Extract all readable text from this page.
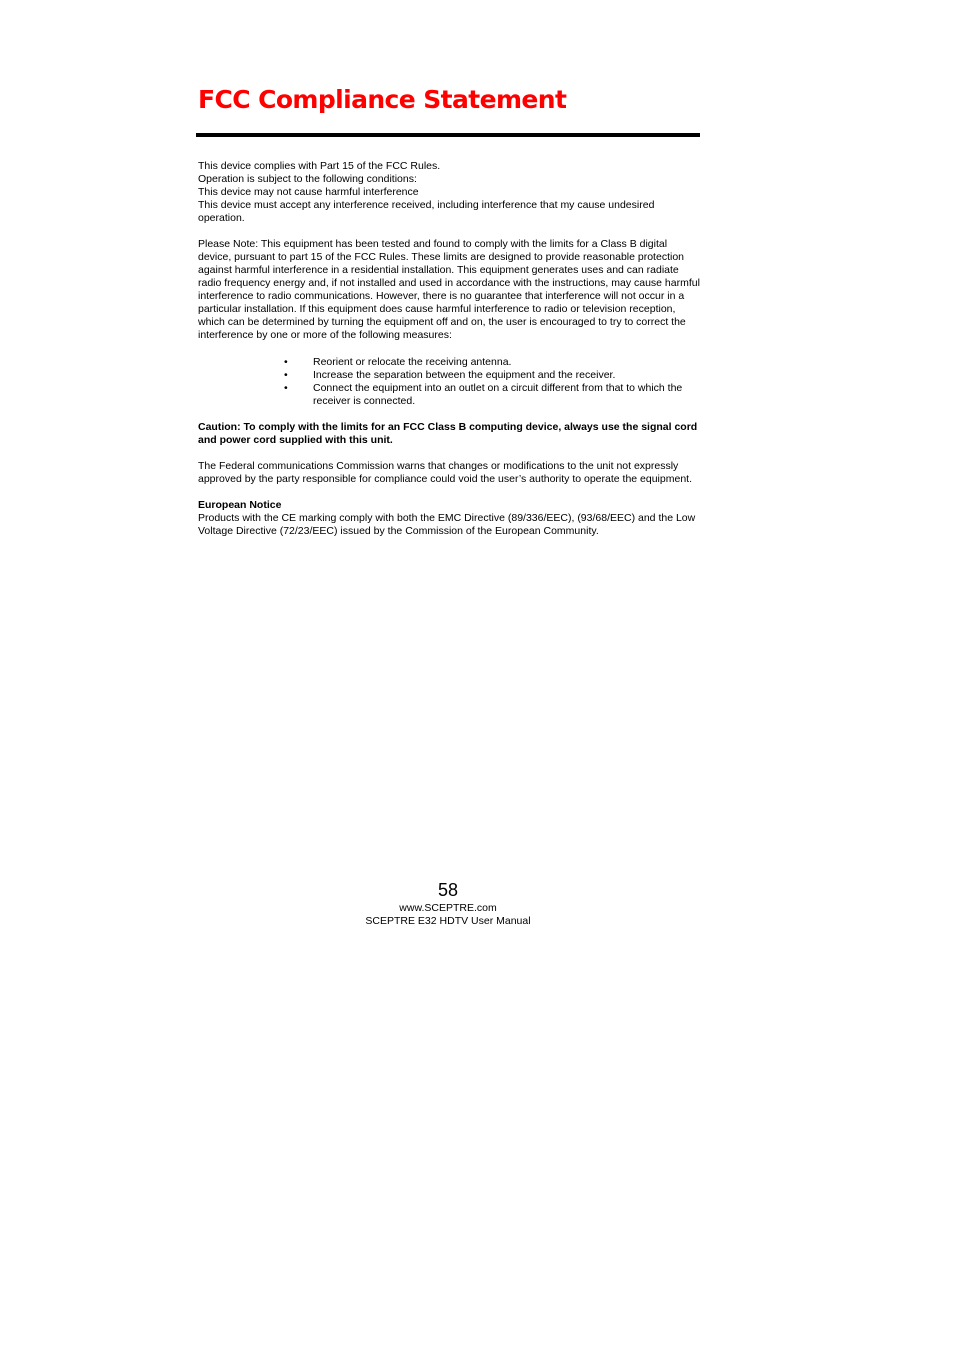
FCC Compliance Statement

This device complies with Part 15 of the FCC Rules.
Operation is subject to the following conditions:
This device may not cause harmful interference
This device must accept any interference received, including interference that my cause undesired operation.

Please Note: This equipment has been tested and found to comply with the limits for a Class B digital device, pursuant to part 15 of the FCC Rules. These limits are designed to provide reasonable protection against harmful interference in a residential installation. This equipment generates uses and can radiate radio frequency energy and, if not installed and used in accordance with the instructions, may cause harmful interference to radio communications. However, there is no guarantee that interference will not occur in a particular installation. If this equipment does cause harmful interference to radio or television reception, which can be determined by turning the equipment off and on, the user is encouraged to try to correct the interference by one or more of the following measures:

• Reorient or relocate the receiving antenna.
• Increase the separation between the equipment and the receiver.
• Connect the equipment into an outlet on a circuit different from that to which the receiver is connected.

Caution: To comply with the limits for an FCC Class B computing device, always use the signal cord and power cord supplied with this unit.

The Federal communications Commission warns that changes or modifications to the unit not expressly approved by the party responsible for compliance could void the user’s authority to operate the equipment.

European Notice

Products with the CE marking comply with both the EMC Directive (89/336/EEC), (93/68/EEC) and the Low Voltage Directive (72/23/EEC) issued by the Commission of the European Community.

58
www.SCEPTRE.com
SCEPTRE E32 HDTV User Manual
